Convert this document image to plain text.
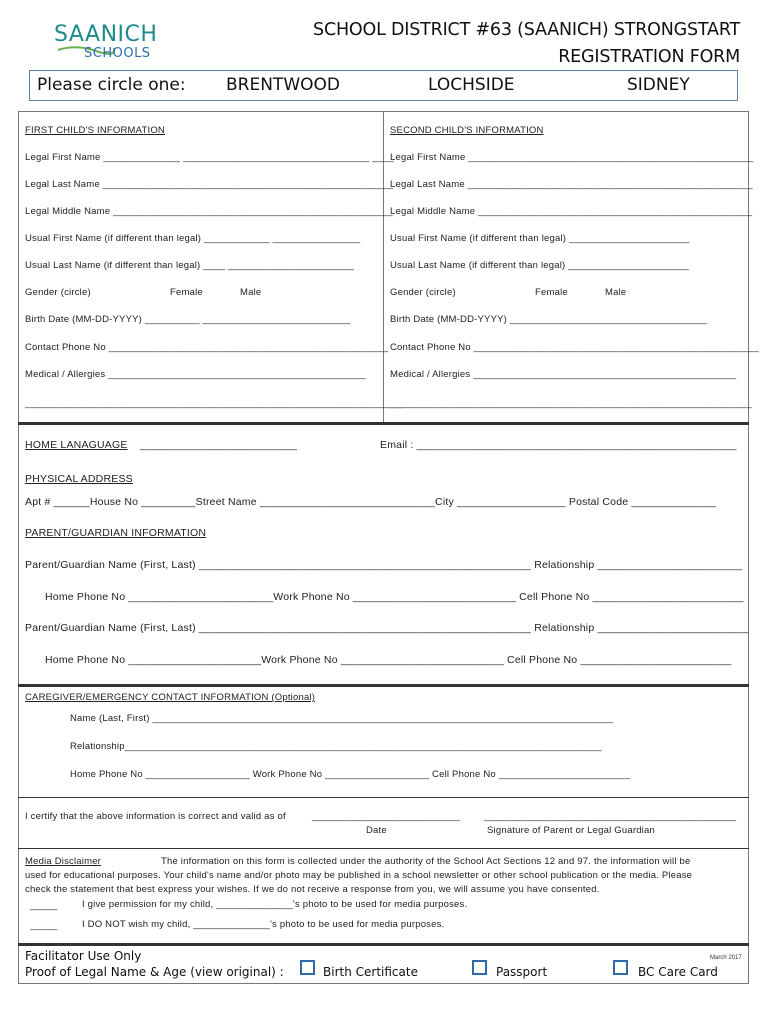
SAANICH
SCHOOLS
SCHOOL DISTRICT #63 (SAANICH) STRONGSTART
REGISTRATION FORM
Please circle one: BRENTWOOD	LOCHSIDE	SIDNEY
FIRST CHILD'S INFORMATION
Legal First Name ______________ __________________________________ ____
Legal Last Name _____________________________________________________
Legal Middle Name ___________________________________________________
Usual First Name (if different than legal) ____________ ________________
Usual Last Name (if different than legal) ____ _______________________
Gender (circle)	Female	Male
Birth Date (MM-DD-YYYY) __________ ___________________________
Contact Phone No ___________________________________________________
Medical / Allergies _______________________________________________
_____________________________________________________________________
SECOND CHILD'S INFORMATION
Legal First Name ____________________________________________________
Legal Last Name ____________________________________________________
Legal Middle Name __________________________________________________
Usual First Name (if different than legal) ______________________
Usual Last Name (if different than legal) ______________________
Gender (circle)	Female	Male
Birth Date (MM-DD-YYYY) ____________________________________
Contact Phone No ____________________________________________________
Medical / Allergies ________________________________________________
__________________________________________________________________
HOME LANAGUAGE __________________________	Email : _____________________________________________________
PHYSICAL ADDRESS
Apt # ______House No _________Street Name _____________________________City __________________ Postal Code ______________
PARENT/GUARDIAN INFORMATION
Parent/Guardian Name (First, Last) _______________________________________________________ Relationship ________________________
Home Phone No ________________________Work Phone No ___________________________ Cell Phone No _________________________
Parent/Guardian Name (First, Last) _______________________________________________________ Relationship _________________________
Home Phone No ______________________Work Phone No ___________________________ Cell Phone No _________________________
CAREGIVER/EMERGENCY CONTACT INFORMATION (Optional)
Name (Last, First) ____________________________________________________________________________________
Relationship_______________________________________________________________________________________
Home Phone No ___________________ Work Phone No ___________________ Cell Phone No ________________________
I certify that the above information is correct and valid as of	___________________________	______________________________________________
Date	Signature of Parent or Legal Guardian
Media Disclaimer	The information on this form is collected under the authority of the School Act Sections 12 and 97. the information will be
used for educational purposes. Your child's name and/or photo may be published in a school newsletter or other school publication or the media. Please
check the statement that best express your wishes. If we do not receive a response from you, we will assume you have consented.
_____	I give permission for my child, ______________'s photo to be used for media purposes.
_____	I DO NOT wish my child, ______________'s photo to be used for media purposes.
Facilitator Use Only
Proof of Legal Name & Age (view original) :	Birth Certificate	Passport	BC Care Card
March 2017
